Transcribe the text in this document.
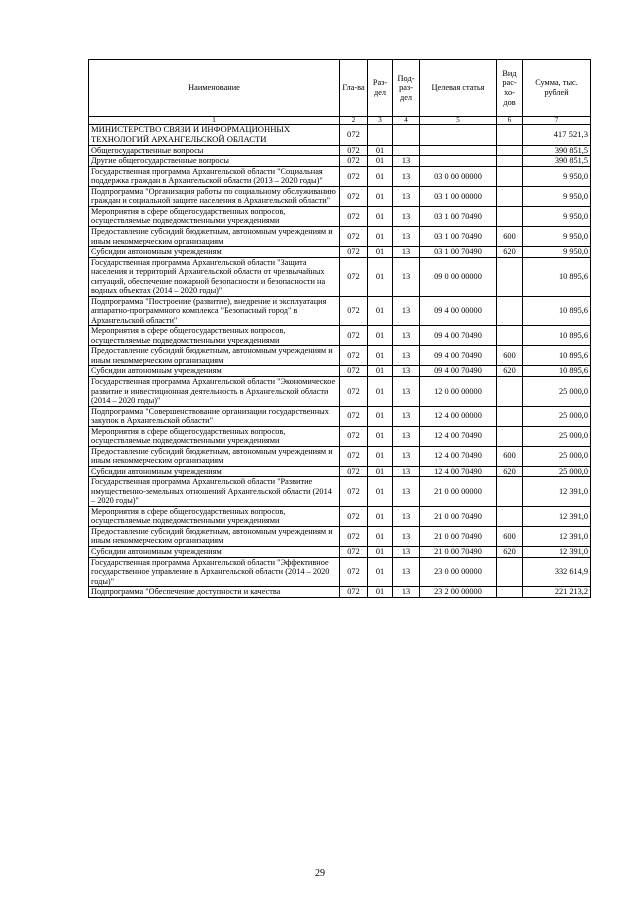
Наименование	Гла-ва	Раз-дел	Под-раз-дел	Целевая статья	Вид рас-хо-дов	Сумма, тыс. рублей
1	2	3	4	5	6	7
МИНИСТЕРСТВО СВЯЗИ И ИНФОРМАЦИОННЫХ ТЕХНОЛОГИЙ АРХАНГЕЛЬСКОЙ ОБЛАСТИ	072					417 521,3
Общегосударственные вопросы	072	01				390 851,5
Другие общегосударственные вопросы	072	01	13			390 851,5
Государственная программа Архангельской области "Социальная поддержка граждан в Архангельской области (2013 – 2020 годы)"	072	01	13	03 0 00 00000		9 950,0
Подпрограмма "Организация работы по социальному обслуживанию граждан и социальной защите населения в Архангельской области"	072	01	13	03 1 00 00000		9 950,0
Мероприятия в сфере общегосударственных вопросов, осуществляемые подведомственными учреждениями	072	01	13	03 1 00 70490		9 950,0
Предоставление субсидий бюджетным, автономным учреждениям и иным некоммерческим организациям	072	01	13	03 1 00 70490	600	9 950,0
Субсидии автономным учреждениям	072	01	13	03 1 00 70490	620	9 950,0
Государственная программа Архангельской области "Защита населения и территорий Архангельской области от чрезвычайных ситуаций, обеспечение пожарной безопасности и безопасности на водных объектах (2014 – 2020 годы)"	072	01	13	09 0 00 00000		10 895,6
Подпрограмма "Построение (развитие), внедрение и эксплуатация аппаратно-программного комплекса "Безопасный город" в Архангельской области"	072	01	13	09 4 00 00000		10 895,6
Мероприятия в сфере общегосударственных вопросов, осуществляемые подведомственными учреждениями	072	01	13	09 4 00 70490		10 895,6
Предоставление субсидий бюджетным, автономным учреждениям и иным некоммерческим организациям	072	01	13	09 4 00 70490	600	10 895,6
Субсидии автономным учреждениям	072	01	13	09 4 00 70490	620	10 895,6
Государственная программа Архангельской области "Экономическое развитие и инвестиционная деятельность в Архангельской области (2014 – 2020 годы)"	072	01	13	12 0 00 00000		25 000,0
Подпрограмма "Совершенствование организации государственных закупок в Архангельской области"	072	01	13	12 4 00 00000		25 000,0
Мероприятия в сфере общегосударственных вопросов, осуществляемые подведомственными учреждениями	072	01	13	12 4 00 70490		25 000,0
Предоставление субсидий бюджетным, автономным учреждениям и иным некоммерческим организациям	072	01	13	12 4 00 70490	600	25 000,0
Субсидии автономным учреждениям	072	01	13	12 4 00 70490	620	25 000,0
Государственная программа Архангельской области "Развитие имущественно-земельных отношений Архангельской области (2014 – 2020 годы)"	072	01	13	21 0 00 00000		12 391,0
Мероприятия в сфере общегосударственных вопросов, осуществляемые подведомственными учреждениями	072	01	13	21 0 00 70490		12 391,0
Предоставление субсидий бюджетным, автономным учреждениям и иным некоммерческим организациям	072	01	13	21 0 00 70490	600	12 391,0
Субсидии автономным учреждениям	072	01	13	21 0 00 70490	620	12 391,0
Государственная программа Архангельской области "Эффективное государственное управление в Архангельской области (2014 – 2020 годы)"	072	01	13	23 0 00 00000		332 614,9
Подпрограмма "Обеспечение доступности и качества	072	01	13	23 2 00 00000		221 213,2
29
